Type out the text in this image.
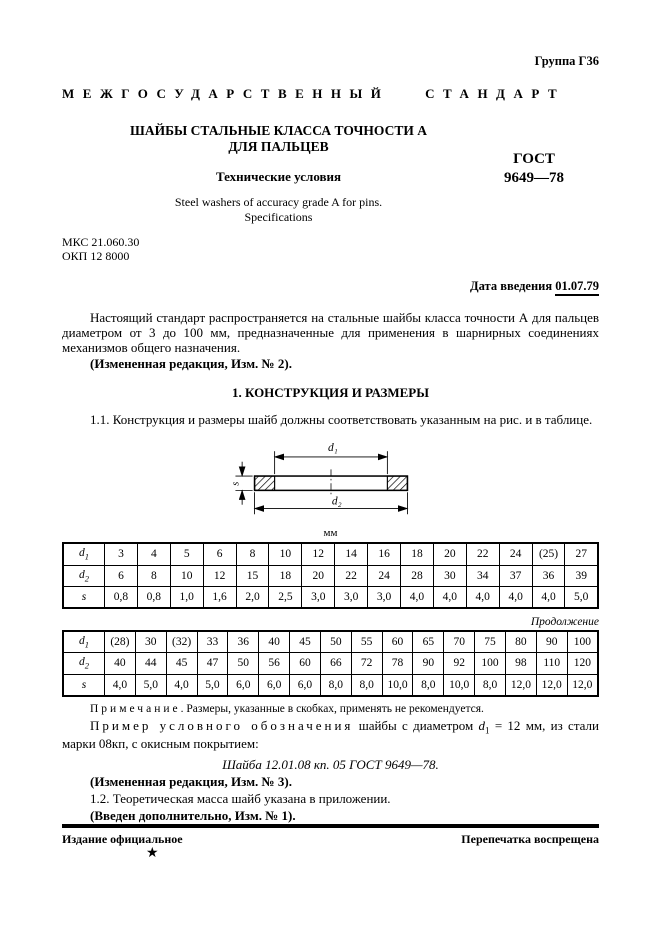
Группа Г36
МЕЖГОСУДАРСТВЕННЫЙ СТАНДАРТ
ШАЙБЫ СТАЛЬНЫЕ КЛАССА ТОЧНОСТИ А
ДЛЯ ПАЛЬЦЕВ
Технические условия
Steel washers of accuracy grade A for pins.
Specifications
ГОСТ
9649—78
МКС 21.060.30
ОКП 12 8000
Дата введения 01.07.79

Настоящий стандарт распространяется на стальные шайбы класса точности А для пальцев диаметром от 3 до 100 мм, предназначенные для применения в шарнирных соединениях механизмов общего назначения.

(Измененная редакция, Изм. № 2).

1. КОНСТРУКЦИЯ И РАЗМЕРЫ

1.1. Конструкция и размеры шайб должны соответствовать указанным на рис. и в таблице.

d₁
d₂
s
мм
$d_1$	3	4	5	6	8	10	12	14	16	18	20	22	24	(25)	27
$d_2$	6	8	10	12	15	18	20	22	24	28	30	34	37	36	39
s	0,8	0,8	1,0	1,6	2,0	2,5	3,0	3,0	3,0	4,0	4,0	4,0	4,0	4,0	5,0
Продолжение
$d_1$	(28)	30	(32)	33	36	40	45	50	55	60	65	70	75	80	90	100
$d_2$	40	44	45	47	50	56	60	66	72	78	90	92	100	98	110	120
s	4,0	5,0	4,0	5,0	6,0	6,0	6,0	8,0	8,0	10,0	8,0	10,0	8,0	12,0	12,0	12,0

Примечание. Размеры, указанные в скобках, применять не рекомендуется.

Пример условного обозначения шайбы с диаметром $d_1 = 12$ мм, из стали марки 08кп, с окисным покрытием:

Шайба 12.01.08 кп. 05 ГОСТ 9649—78.

(Измененная редакция, Изм. № 3).

1.2. Теоретическая масса шайб указана в приложении.

(Введен дополнительно, Изм. № 1).

Издание официальное	Перепечатка воспрещена
★
